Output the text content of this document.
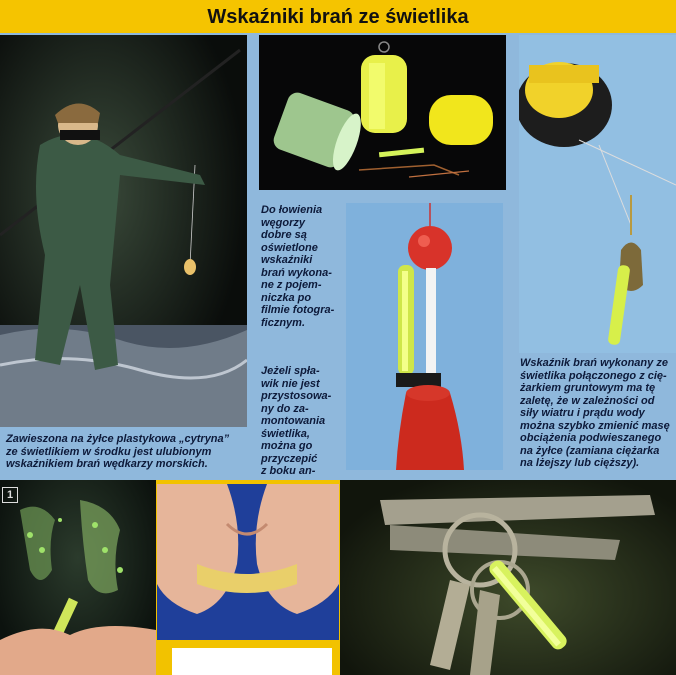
Wskaźniki brań ze świetlika
Zawieszona na żyłce plastykowa „cytryna”
ze świetlikiem w środku jest ulubionym
wskaźnikiem brań wędkarzy morskich.
Do łowienia
węgorzy
dobre są
oświetlone
wskaźniki
brań wykona-
ne z pojem-
niczka po
filmie fotogra-
ficznym.
Jeżeli spła-
wik nie jest
przystosowa-
ny do za-
montowania
świetlika,
można go
przyczepić
z boku an-
Wskaźnik brań wykonany ze
świetlika połączonego z cię-
żarkiem gruntowym ma tę
zaletę, że w zależności od
siły wiatru i prądu wody
można szybko zmienić masę
obciążenia podwieszanego
na żyłce (zamiana ciężarka
na lżejszy lub cięższy).
1
